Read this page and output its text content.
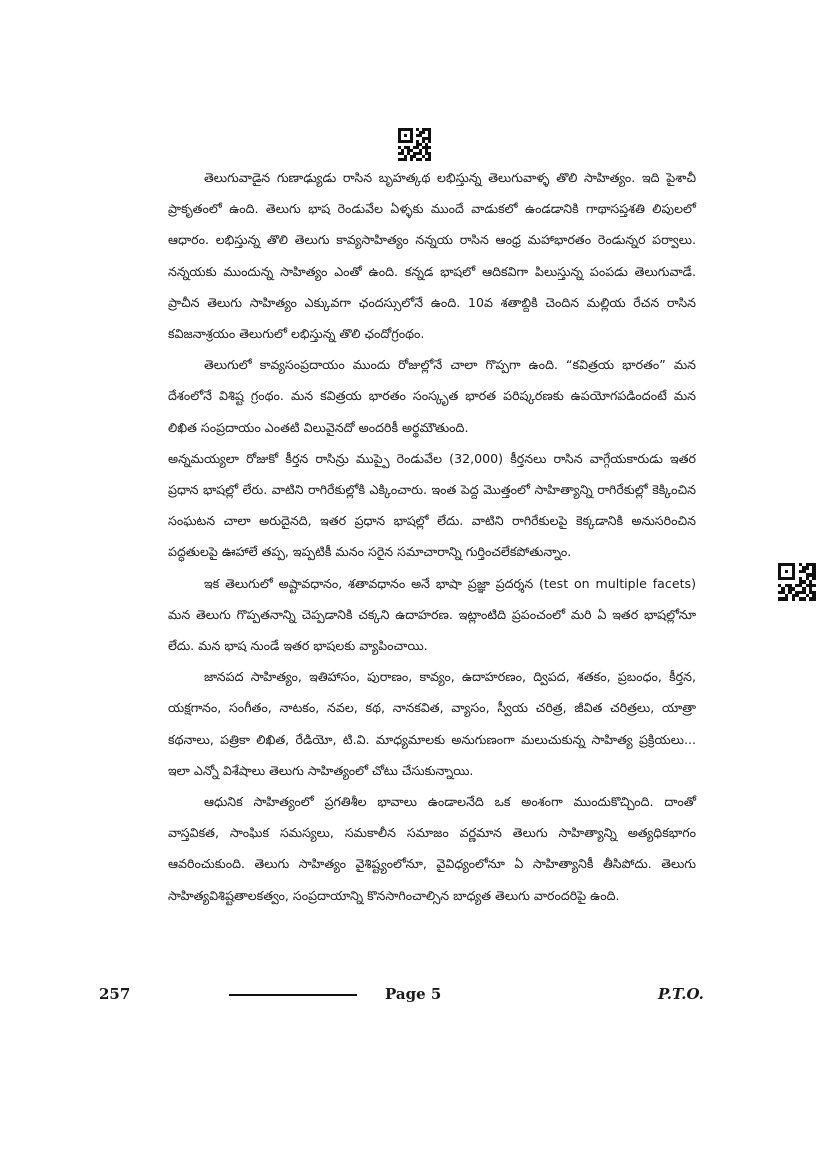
తెలుగువాడైన గుణాఢ్యుడు రాసిన బృహత్కథ లభిస్తున్న తెలుగువాళ్ళ తొలి సాహిత్యం. ఇది పైశాచీ ప్రాకృతంలో ఉంది. తెలుగు భాష రెండువేల ఏళ్ళకు ముందే వాడుకలో ఉండడానికి గాథాసప్తశతి లిపులలో ఆధారం. లభిస్తున్న తొలి తెలుగు కావ్యసాహిత్యం నన్నయ రాసిన ఆంధ్ర మహాభారతం రెండున్నర పర్వాలు. నన్నయకు ముందున్న సాహిత్యం ఎంతో ఉంది. కన్నడ భాషలో ఆదికవిగా పిలుస్తున్న పంపడు తెలుగువాడే. ప్రాచీన తెలుగు సాహిత్యం ఎక్కువగా ఛందస్సులోనే ఉంది. 10వ శతాబ్దికి చెందిన మల్లియ రేచన రాసిన కవిజనాశ్రయం తెలుగులో లభిస్తున్న తొలి ఛందోగ్రంథం.

తెలుగులో కావ్యసంప్రదాయం ముందు రోజుల్లోనే చాలా గొప్పగా ఉంది. “కవిత్రయ భారతం” మన దేశంలోనే విశిష్ట గ్రంథం. మన కవిత్రయ భారతం సంస్కృత భారత పరిష్కరణకు ఉపయోగపడిందంటే మన లిఖిత సంప్రదాయం ఎంతటి విలువైనదో అందరికీ అర్థమౌతుంది.

అన్నమయ్యలా రోజుకో కీర్తన రాసిన్రు ముప్పై రెండువేల (32,000) కీర్తనలు రాసిన వాగ్గేయకారుడు ఇతర ప్రధాన భాషల్లో లేరు. వాటిని రాగిరేకుల్లోకి ఎక్కించారు. ఇంత పెద్ద మొత్తంలో సాహిత్యాన్ని రాగిరేకుల్లో కెక్కించిన సంఘటన చాలా అరుదైనది, ఇతర ప్రధాన భాషల్లో లేదు. వాటిని రాగిరేకులపై కెక్కడానికి అనుసరించిన పద్ధతులపై ఊహాలే తప్ప, ఇప్పటికీ మనం సరైన సమాచారాన్ని గుర్తించలేకపోతున్నాం.

ఇక తెలుగులో అష్టావధానం, శతావధానం అనే భాషా ప్రజ్ఞా ప్రదర్శన (test on multiple facets) మన తెలుగు గొప్పతనాన్ని చెప్పడానికి చక్కని ఉదాహరణ. ఇట్లాంటిది ప్రపంచంలో మరి ఏ ఇతర భాషల్లోనూ లేదు. మన భాష నుండే ఇతర భాషలకు వ్యాపించాయి.

జానపద సాహిత్యం, ఇతిహాసం, పురాణం, కావ్యం, ఉదాహరణం, ద్విపద, శతకం, ప్రబంధం, కీర్తన, యక్షగానం, సంగీతం, నాటకం, నవల, కథ, నానకవిత, వ్యాసం, స్వీయ చరిత్ర, జీవిత చరిత్రలు, యాత్రా కథనాలు, పత్రికా లిఖిత, రేడియో, టి.వి. మాధ్యమాలకు అనుగుణంగా మలుచుకున్న సాహిత్య ప్రక్రియలు... ఇలా ఎన్నో విశేషాలు తెలుగు సాహిత్యంలో చోటు చేసుకున్నాయి.

ఆధునిక సాహిత్యంలో ప్రగతిశీల భావాలు ఉండాలనేది ఒక అంశంగా ముందుకొచ్చింది. దాంతో వాస్తవికత, సాంఘిక సమస్యలు, సమకాలీన సమాజం వర్ణమాన తెలుగు సాహిత్యాన్ని అత్యధికభాగం ఆవరించుకుంది. తెలుగు సాహిత్యం వైశిష్ట్యంలోనూ, వైవిధ్యంలోనూ ఏ సాహిత్యానికీ తీసిపోదు. తెలుగు సాహిత్యవిశిష్టతాలకత్వం, సంప్రదాయాన్ని కొనసాగించాల్సిన బాధ్యత తెలుగు వారందరిపై ఉంది.

257	Page 5	P.T.O.
